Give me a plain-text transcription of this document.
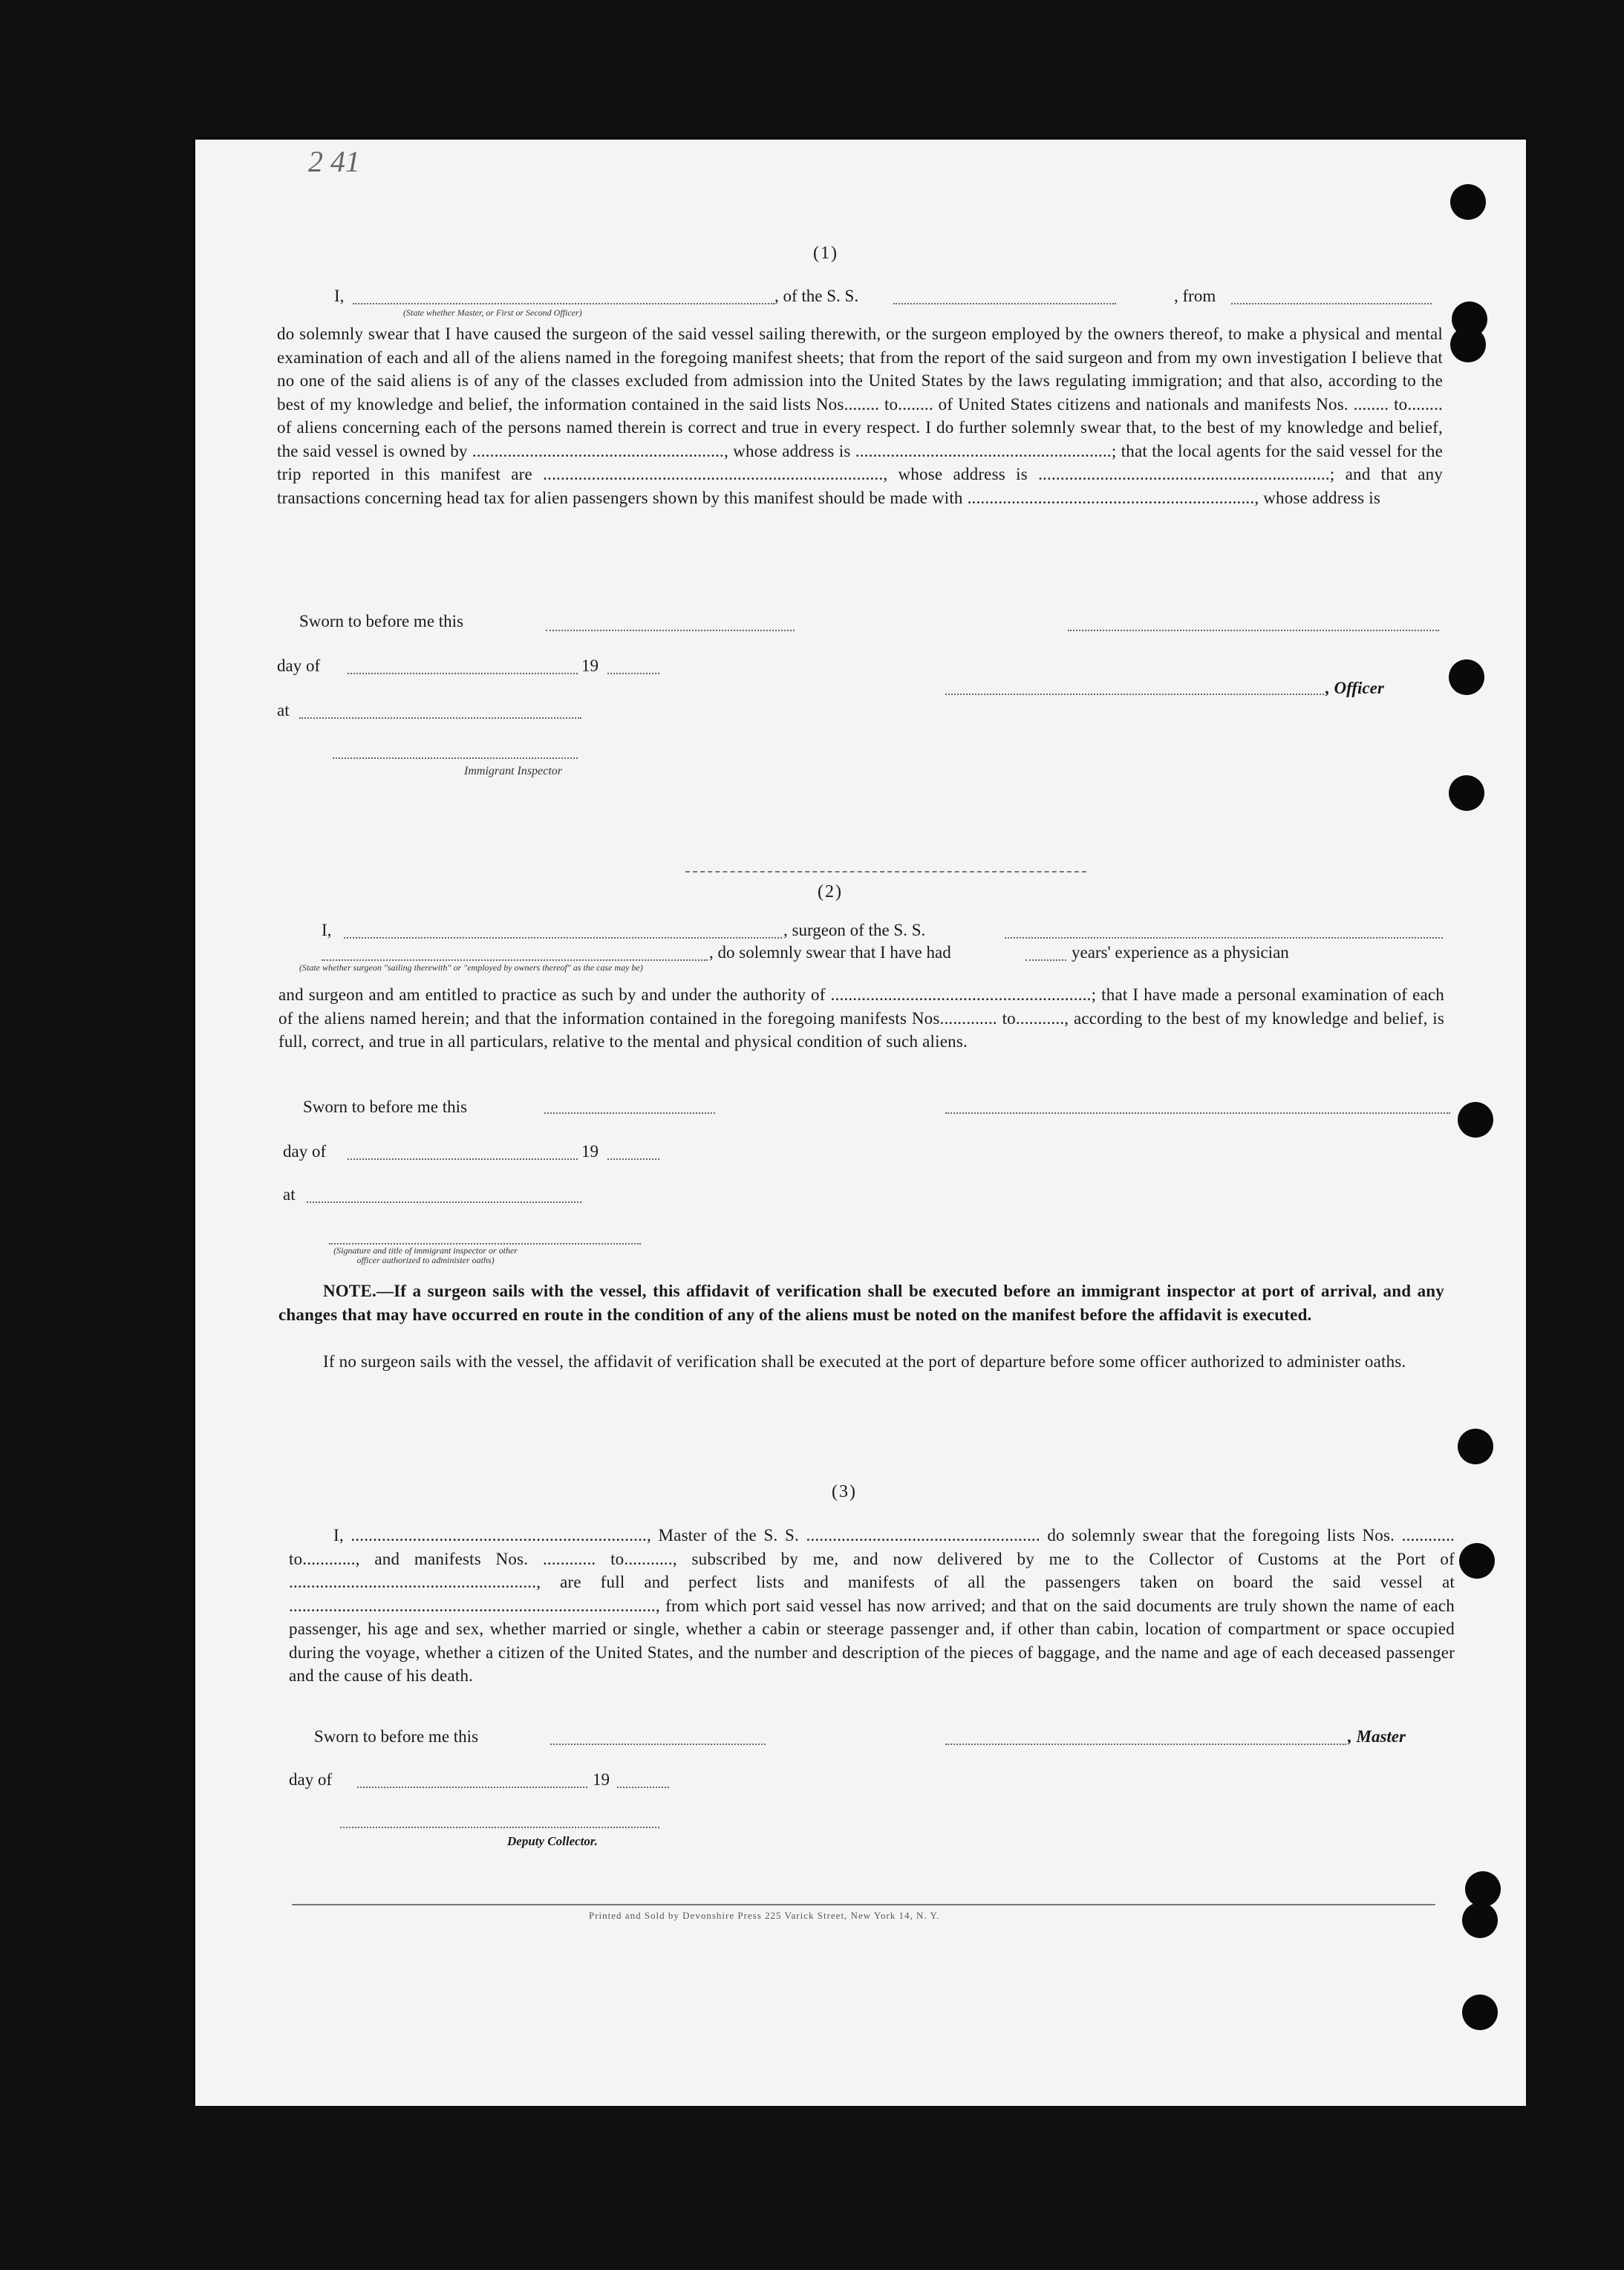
2 41
(1)
I,	, of the S. S.	, from
(State whether Master, or First or Second Officer)
do solemnly swear that I have caused the surgeon of the said vessel sailing therewith, or the surgeon employed by the owners thereof, to make a physical and mental examination of each and all of the aliens named in the foregoing manifest sheets; that from the report of the said surgeon and from my own investigation I believe that no one of the said aliens is of any of the classes excluded from admission into the United States by the laws regulating immigration; and that also, according to the best of my knowledge and belief, the information contained in the said lists Nos........ to........ of United States citizens and nationals and manifests Nos. ........ to........ of aliens concerning each of the persons named therein is correct and true in every respect. I do further solemnly swear that, to the best of my knowledge and belief, the said vessel is owned by ........................................................., whose address is ..........................................................; that the local agents for the said vessel for the trip reported in this manifest are ............................................................................., whose address is ..................................................................; and that any transactions concerning head tax for alien passengers shown by this manifest should be made with ................................................................., whose address is
Sworn to before me this
day of	19
, Officer
at
Immigrant Inspector
(2)
I,	, surgeon of the S. S.
, do solemnly swear that I have had	years' experience as a physician
(State whether surgeon "sailing therewith" or "employed by owners thereof" as the case may be)
and surgeon and am entitled to practice as such by and under the authority of ...........................................................; that I have made a personal examination of each of the aliens named herein; and that the information contained in the foregoing manifests Nos............. to..........., according to the best of my knowledge and belief, is full, correct, and true in all particulars, relative to the mental and physical condition of such aliens.
Sworn to before me this
day of	19
at
(Signature and title of immigrant inspector or other officer authorized to administer oaths)
NOTE.—If a surgeon sails with the vessel, this affidavit of verification shall be executed before an immigrant inspector at port of arrival, and any changes that may have occurred en route in the condition of any of the aliens must be noted on the manifest before the affidavit is executed.
If no surgeon sails with the vessel, the affidavit of verification shall be executed at the port of departure before some officer authorized to administer oaths.
(3)
I, ..................................................................., Master of the S. S. ..................................................... do solemnly swear that the foregoing lists Nos. ............ to............, and manifests Nos. ............ to..........., subscribed by me, and now delivered by me to the Collector of Customs at the Port of ........................................................, are full and perfect lists and manifests of all the passengers taken on board the said vessel at ..................................................................................., from which port said vessel has now arrived; and that on the said documents are truly shown the name of each passenger, his age and sex, whether married or single, whether a cabin or steerage passenger and, if other than cabin, location of compartment or space occupied during the voyage, whether a citizen of the United States, and the number and description of the pieces of baggage, and the name and age of each deceased passenger and the cause of his death.
Sworn to before me this	, Master
day of	19
Deputy Collector.
Printed and Sold by Devonshire Press 225 Varick Street, New York 14, N. Y.
